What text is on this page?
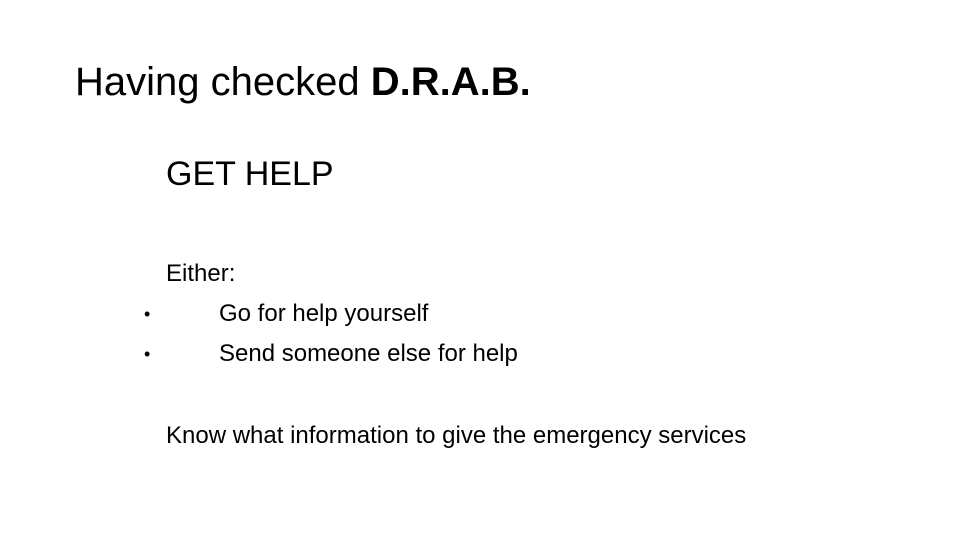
Having checked D.R.A.B.
GET HELP
Either:
•	Go for help yourself
•	Send someone else for help
Know what information to give the emergency services
